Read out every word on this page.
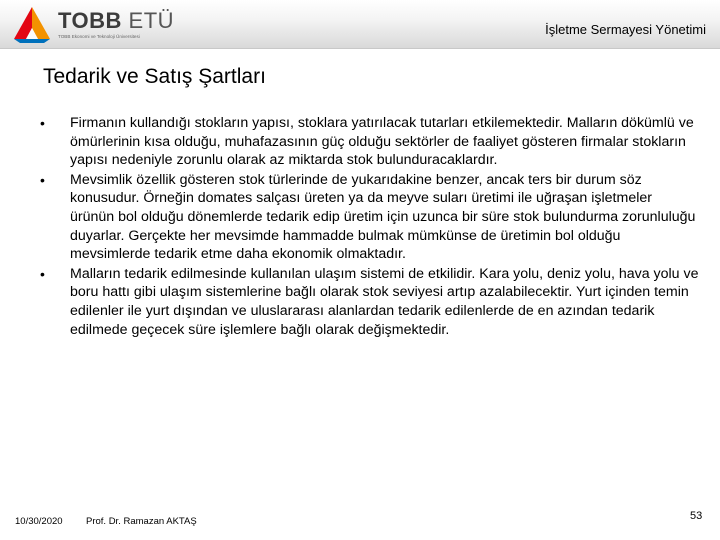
TOBB ETÜ
TOBB Ekonomi ve Teknoloji Üniversitesi	İşletme Sermayesi Yönetimi
Tedarik ve Satış Şartları
•	Firmanın kullandığı stokların yapısı, stoklara yatırılacak tutarları etkilemektedir. Malların dökümlü ve ömürlerinin kısa olduğu, muhafazasının güç olduğu sektörler de faaliyet gösteren firmalar stokların yapısı nedeniyle zorunlu olarak az miktarda stok bulunduracaklardır.
•	Mevsimlik özellik gösteren stok türlerinde de yukarıdakine benzer, ancak ters bir durum söz konusudur. Örneğin domates salçası üreten ya da meyve suları üretimi ile uğraşan işletmeler ürünün bol olduğu dönemlerde tedarik edip üretim için uzunca bir süre stok bulundurma zorunluluğu duyarlar. Gerçekte her mevsimde hammadde bulmak mümkünse de üretimin bol olduğu mevsimlerde tedarik etme daha ekonomik olmaktadır.
•	Malların tedarik edilmesinde kullanılan ulaşım sistemi de etkilidir. Kara yolu, deniz yolu, hava yolu ve boru hattı gibi ulaşım sistemlerine bağlı olarak stok seviyesi artıp azalabilecektir. Yurt içinden temin edilenler ile yurt dışından ve uluslararası alanlardan tedarik edilenlerde de en azından tedarik edilmede geçecek süre işlemlere bağlı olarak değişmektedir.
10/30/2020 Prof. Dr. Ramazan AKTAŞ	53
